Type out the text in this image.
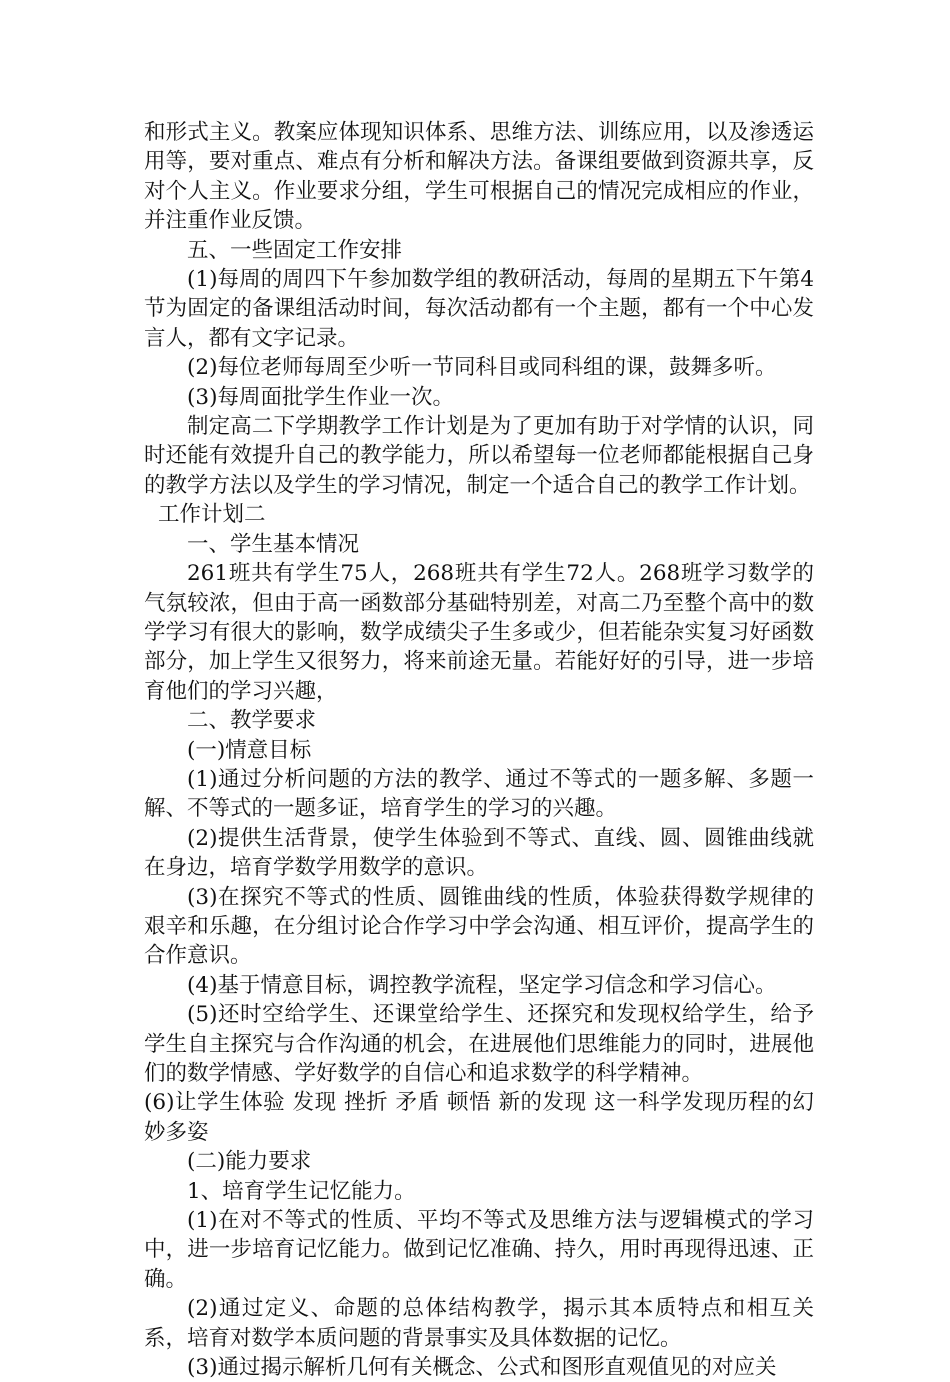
和形式主义。教案应体现知识体系、思维方法、训练应用，以及渗透运用等，要对重点、难点有分析和解决方法。备课组要做到资源共享，反对个人主义。作业要求分组，学生可根据自己的情况完成相应的作业，并注重作业反馈。

五、一些固定工作安排

(1)每周的周四下午参加数学组的教研活动，每周的星期五下午第4节为固定的备课组活动时间，每次活动都有一个主题，都有一个中心发言人，都有文字记录。

(2)每位老师每周至少听一节同科目或同科组的课，鼓舞多听。

(3)每周面批学生作业一次。

制定高二下学期教学工作计划是为了更加有助于对学情的认识，同时还能有效提升自己的教学能力，所以希望每一位老师都能根据自己身的教学方法以及学生的学习情况，制定一个适合自己的教学工作计划。

工作计划二

一、学生基本情况

261班共有学生75人，268班共有学生72人。268班学习数学的气氛较浓，但由于高一函数部分基础特别差，对高二乃至整个高中的数学学习有很大的影响，数学成绩尖子生多或少，但若能杂实复习好函数部分，加上学生又很努力，将来前途无量。若能好好的引导，进一步培育他们的学习兴趣，

二、教学要求

(一)情意目标

(1)通过分析问题的方法的教学、通过不等式的一题多解、多题一解、不等式的一题多证，培育学生的学习的兴趣。

(2)提供生活背景，使学生体验到不等式、直线、圆、圆锥曲线就在身边，培育学数学用数学的意识。

(3)在探究不等式的性质、圆锥曲线的性质，体验获得数学规律的艰辛和乐趣，在分组讨论合作学习中学会沟通、相互评价，提高学生的合作意识。

(4)基于情意目标，调控教学流程，坚定学习信念和学习信心。

(5)还时空给学生、还课堂给学生、还探究和发现权给学生，给予学生自主探究与合作沟通的机会，在进展他们思维能力的同时，进展他们的数学情感、学好数学的自信心和追求数学的科学精神。

(6)让学生体验 发现 挫折 矛盾 顿悟 新的发现 这一科学发现历程的幻妙多姿

(二)能力要求

1、培育学生记忆能力。

(1)在对不等式的性质、平均不等式及思维方法与逻辑模式的学习中，进一步培育记忆能力。做到记忆准确、持久，用时再现得迅速、正确。

(2)通过定义、命题的总体结构教学，揭示其本质特点和相互关系，培育对数学本质问题的背景事实及具体数据的记忆。

(3)通过揭示解析几何有关概念、公式和图形直观值见的对应关
